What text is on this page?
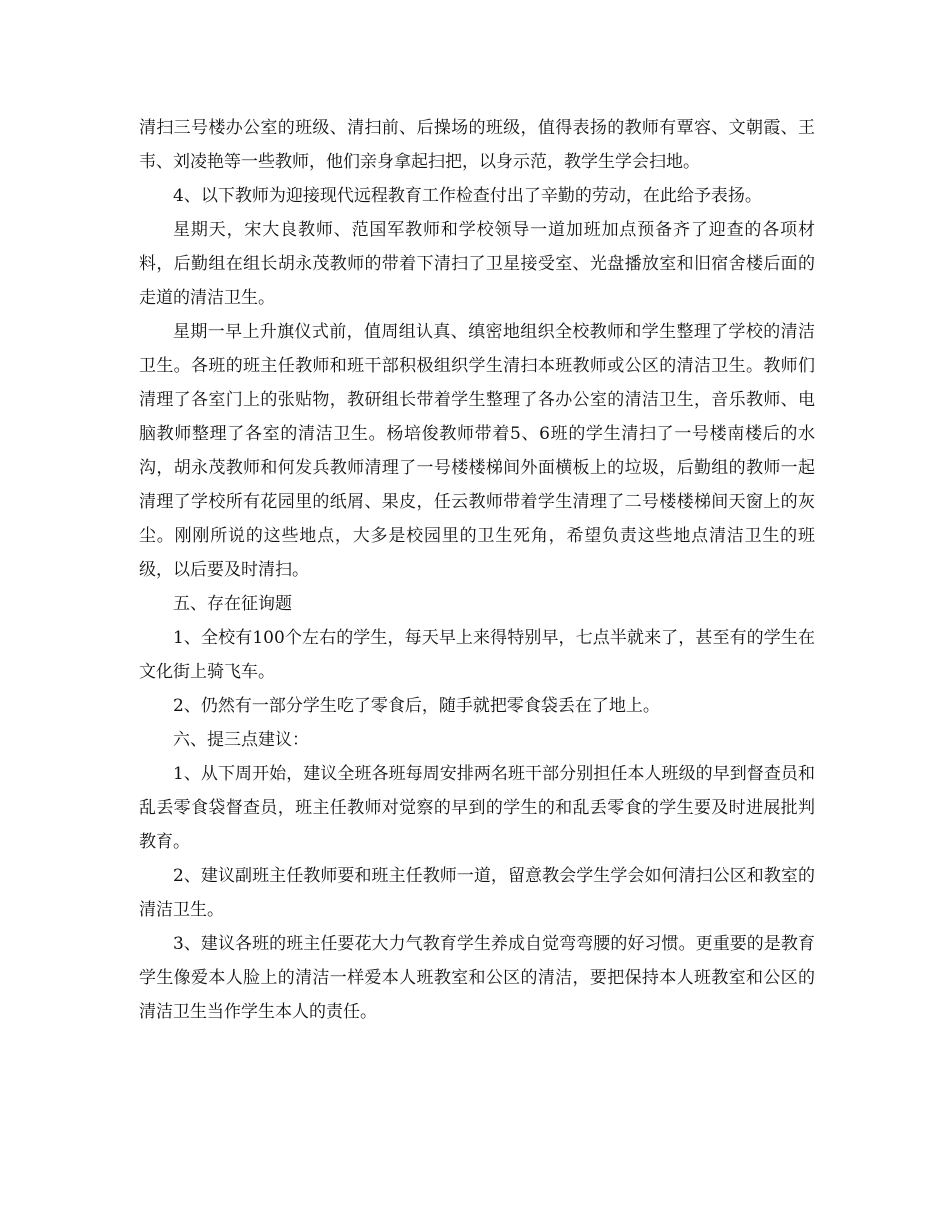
清扫三号楼办公室的班级、清扫前、后操场的班级，值得表扬的教师有覃容、文朝霞、王韦、刘凌艳等一些教师，他们亲身拿起扫把，以身示范，教学生学会扫地。

4、以下教师为迎接现代远程教育工作检查付出了辛勤的劳动，在此给予表扬。

星期天，宋大良教师、范国军教师和学校领导一道加班加点预备齐了迎查的各项材料，后勤组在组长胡永茂教师的带着下清扫了卫星接受室、光盘播放室和旧宿舍楼后面的走道的清洁卫生。

星期一早上升旗仪式前，值周组认真、缜密地组织全校教师和学生整理了学校的清洁卫生。各班的班主任教师和班干部积极组织学生清扫本班教师或公区的清洁卫生。教师们清理了各室门上的张贴物，教研组长带着学生整理了各办公室的清洁卫生，音乐教师、电脑教师整理了各室的清洁卫生。杨培俊教师带着5、6班的学生清扫了一号楼南楼后的水沟，胡永茂教师和何发兵教师清理了一号楼楼梯间外面横板上的垃圾，后勤组的教师一起清理了学校所有花园里的纸屑、果皮，任云教师带着学生清理了二号楼楼梯间天窗上的灰尘。刚刚所说的这些地点，大多是校园里的卫生死角，希望负责这些地点清洁卫生的班级，以后要及时清扫。

五、存在征询题

1、全校有100个左右的学生，每天早上来得特别早，七点半就来了，甚至有的学生在文化街上骑飞车。

2、仍然有一部分学生吃了零食后，随手就把零食袋丢在了地上。

六、提三点建议：

1、从下周开始，建议全班各班每周安排两名班干部分别担任本人班级的早到督查员和乱丢零食袋督查员，班主任教师对觉察的早到的学生的和乱丢零食的学生要及时进展批判教育。

2、建议副班主任教师要和班主任教师一道，留意教会学生学会如何清扫公区和教室的清洁卫生。

3、建议各班的班主任要花大力气教育学生养成自觉弯弯腰的好习惯。更重要的是教育学生像爱本人脸上的清洁一样爱本人班教室和公区的清洁，要把保持本人班教室和公区的清洁卫生当作学生本人的责任。
